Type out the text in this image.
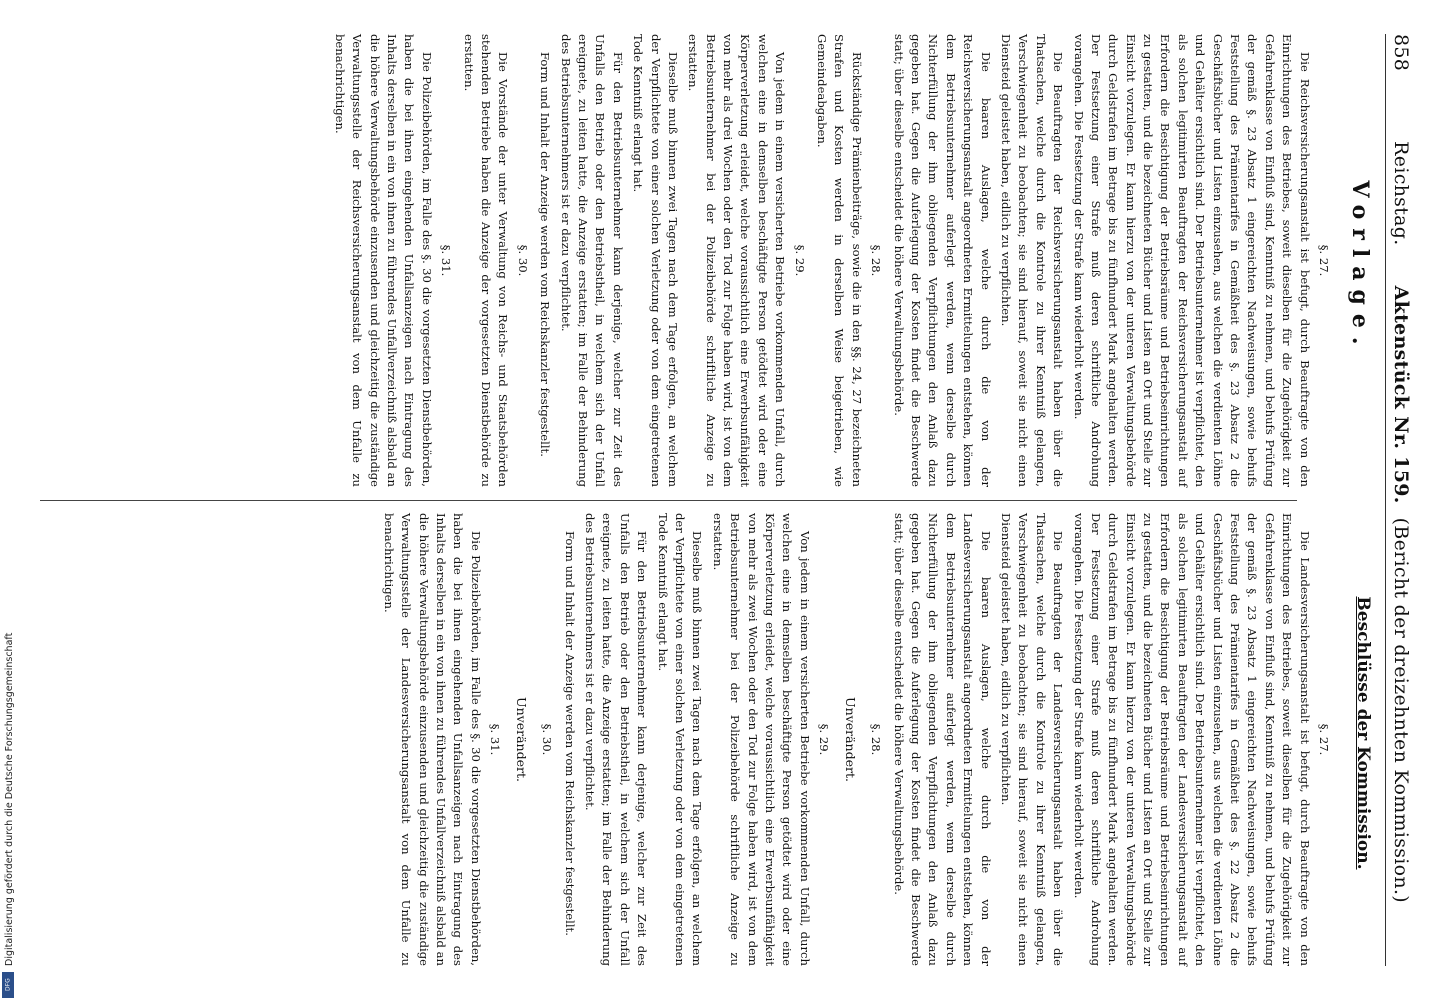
858
Reichstag.
Aktenstück Nr. 159.
(Bericht der dreizehnten Kommission.)
Vorlage.
Beschlüsse der Kommission.
§. 27.

Die Reichsversicherungsanstalt ist befugt, durch Beauftragte von den Einrichtungen des Betriebes, soweit dieselben für die Zugehörigkeit zur Gefahrenklasse von Einfluß sind, Kenntniß zu nehmen, und behufs Prüfung der gemäß §. 23 Absatz 1 eingereichten Nachweisungen, sowie behufs Feststellung des Prämientarifes in Gemäßheit des §. 23 Absatz 2 die Geschäftsbücher und Listen einzusehen, aus welchen die verdienten Löhne und Gehälter ersichtlich sind. Der Betriebsunternehmer ist verpflichtet, den als solchen legitimirten Beauftragten der Reichsversicherungsanstalt auf Erfordern die Besichtigung der Betriebsräume und Betriebseinrichtungen zu gestatten, und die bezeichneten Bücher und Listen an Ort und Stelle zur Einsicht vorzulegen. Er kann hierzu von der unteren Verwaltungsbehörde durch Geldstrafen im Betrage bis zu fünfhundert Mark angehalten werden. Der Festsetzung einer Strafe muß deren schriftliche Androhung vorangehen. Die Festsetzung der Strafe kann wiederholt werden.

Die Beauftragten der Reichsversicherungsanstalt haben über die Thatsachen, welche durch die Kontrole zu ihrer Kenntniß gelangen, Verschwiegenheit zu beobachten; sie sind hierauf, soweit sie nicht einen Diensteid geleistet haben, eidlich zu verpflichten.

Die baaren Auslagen, welche durch die von der Reichsversicherungsanstalt angeordneten Ermittelungen entstehen, können dem Betriebsunternehmer auferlegt werden, wenn derselbe durch Nichterfüllung der ihm obliegenden Verpflichtungen den Anlaß dazu gegeben hat. Gegen die Auferlegung der Kosten findet die Beschwerde statt; über dieselbe entscheidet die höhere Verwaltungsbehörde.

§. 28.

Rückständige Prämienbeiträge, sowie die in den §§. 24, 27 bezeichneten Strafen und Kosten werden in derselben Weise beigetrieben, wie Gemeindeabgaben.

§. 29.

Von jedem in einem versicherten Betriebe vorkommenden Unfall, durch welchen eine in demselben beschäftigte Person getödtet wird oder eine Körperverletzung erleidet, welche voraussichtlich eine Erwerbsunfähigkeit von mehr als drei Wochen oder den Tod zur Folge haben wird, ist von dem Betriebsunternehmer bei der Polizeibehörde schriftliche Anzeige zu erstatten.

Dieselbe muß binnen zwei Tagen nach dem Tage erfolgen, an welchem der Verpflichtete von einer solchen Verletzung oder von dem eingetretenen Tode Kenntniß erlangt hat.

Für den Betriebsunternehmer kann derjenige, welcher zur Zeit des Unfalls den Betrieb oder den Betriebstheil, in welchem sich der Unfall ereignete, zu leiten hatte, die Anzeige erstatten; im Falle der Behinderung des Betriebsunternehmers ist er dazu verpflichtet.

Form und Inhalt der Anzeige werden vom Reichskanzler festgestellt.

§. 30.

Die Vorstände der unter Verwaltung von Reichs- und Staatsbehörden stehenden Betriebe haben die Anzeige der vorgesetzten Dienstbehörde zu erstatten.

§. 31.

Die Polizeibehörden, im Falle des §. 30 die vorgesetzten Dienstbehörden, haben die bei ihnen eingehenden Unfallsanzeigen nach Eintragung des Inhalts derselben in ein von ihnen zu führendes Unfallverzeichniß alsbald an die höhere Verwaltungsbehörde einzusenden und gleichzeitig die zuständige Verwaltungsstelle der Reichsversicherungsanstalt von dem Unfalle zu benachrichtigen.

§. 27.

Die Landesversicherungsanstalt ist befugt, durch Beauftragte von den Einrichtungen des Betriebes, soweit dieselben für die Zugehörigkeit zur Gefahrenklasse von Einfluß sind, Kenntniß zu nehmen, und behufs Prüfung der gemäß §. 23 Absatz 1 eingereichten Nachweisungen, sowie behufs Feststellung des Prämientarifes in Gemäßheit des §. 22 Absatz 2 die Geschäftsbücher und Listen einzusehen, aus welchen die verdienten Löhne und Gehälter ersichtlich sind. Der Betriebsunternehmer ist verpflichtet, den als solchen legitimirten Beauftragten der Landesversicherungsanstalt auf Erfordern die Besichtigung der Betriebsräume und Betriebseinrichtungen zu gestatten, und die bezeichneten Bücher und Listen an Ort und Stelle zur Einsicht vorzulegen. Er kann hierzu von der unteren Verwaltungsbehörde durch Geldstrafen im Betrage bis zu fünfhundert Mark angehalten werden. Der Festsetzung einer Strafe muß deren schriftliche Androhung vorangehen. Die Festsetzung der Strafe kann wiederholt werden.

Die Beauftragten der Landesversicherungsanstalt haben über die Thatsachen, welche durch die Kontrole zu ihrer Kenntniß gelangen, Verschwiegenheit zu beobachten; sie sind hierauf, soweit sie nicht einen Diensteid geleistet haben, eidlich zu verpflichten.

Die baaren Auslagen, welche durch die von der Landesversicherungsanstalt angeordneten Ermittelungen entstehen, können dem Betriebsunternehmer auferlegt werden, wenn derselbe durch Nichterfüllung der ihm obliegenden Verpflichtungen den Anlaß dazu gegeben hat. Gegen die Auferlegung der Kosten findet die Beschwerde statt; über dieselbe entscheidet die höhere Verwaltungsbehörde.

§. 28.
Unverändert.
§. 29.

Von jedem in einem versicherten Betriebe vorkommenden Unfall, durch welchen eine in demselben beschäftigte Person getödtet wird oder eine Körperverletzung erleidet, welche voraussichtlich eine Erwerbsunfähigkeit von mehr als zwei Wochen oder den Tod zur Folge haben wird, ist von dem Betriebsunternehmer bei der Polizeibehörde schriftliche Anzeige zu erstatten.

Dieselbe muß binnen zwei Tagen nach dem Tage erfolgen, an welchem der Verpflichtete von einer solchen Verletzung oder von dem eingetretenen Tode Kenntniß erlangt hat.

Für den Betriebsunternehmer kann derjenige, welcher zur Zeit des Unfalls den Betrieb oder den Betriebstheil, in welchem sich der Unfall ereignete, zu leiten hatte, die Anzeige erstatten; im Falle der Behinderung des Betriebsunternehmers ist er dazu verpflichtet.

Form und Inhalt der Anzeige werden vom Reichskanzler festgestellt.

§. 30.
Unverändert.
§. 31.

Die Polizeibehörden, im Falle des §. 30 die vorgesetzten Dienstbehörden, haben die bei ihnen eingehenden Unfallsanzeigen nach Eintragung des Inhalts derselben in ein von ihnen zu führendes Unfallverzeichniß alsbald an die höhere Verwaltungsbehörde einzusenden und gleichzeitig die zuständige Verwaltungsstelle der Landesversicherungsanstalt von dem Unfalle zu benachrichtigen.

Digitalisierung gefördert durch die Deutsche Forschungsgemeinschaft
DFG
